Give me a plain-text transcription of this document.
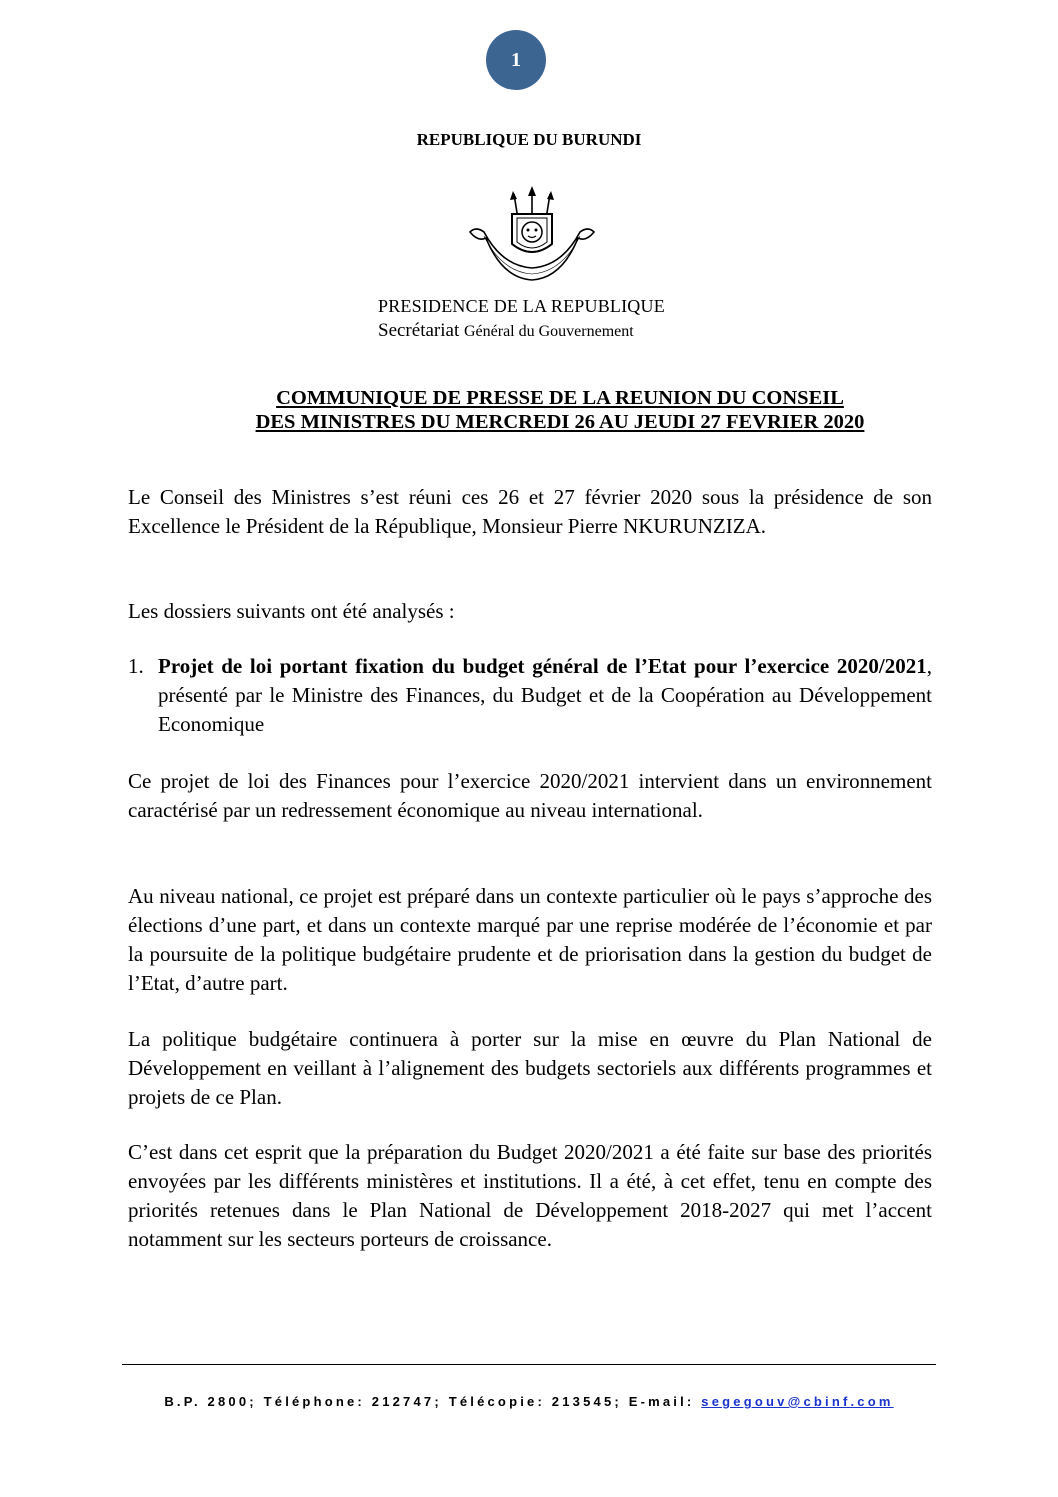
1
REPUBLIQUE DU BURUNDI
PRESIDENCE DE LA REPUBLIQUE
Secrétariat Général du Gouvernement
COMMUNIQUE DE PRESSE DE LA REUNION DU CONSEIL
DES MINISTRES DU MERCREDI 26 AU JEUDI 27 FEVRIER 2020

Le Conseil des Ministres s’est réuni ces 26 et 27 février 2020 sous la présidence de son Excellence le Président de la République, Monsieur Pierre NKURUNZIZA.

Les dossiers suivants ont été analysés :

1. Projet de loi portant fixation du budget général de l’Etat pour l’exercice 2020/2021, présenté par le Ministre des Finances, du Budget et de la Coopération au Développement Economique

Ce projet de loi des Finances pour l’exercice 2020/2021 intervient dans un environnement caractérisé par un redressement économique au niveau international.

Au niveau national, ce projet est préparé dans un contexte particulier où le pays s’approche des élections d’une part, et dans un contexte marqué par une reprise modérée de l’économie et par la poursuite de la politique budgétaire prudente et de priorisation dans la gestion du budget de l’Etat, d’autre part.

La politique budgétaire continuera à porter sur la mise en œuvre du Plan National de Développement en veillant à l’alignement des budgets sectoriels aux différents programmes et projets de ce Plan.

C’est dans cet esprit que la préparation du Budget 2020/2021 a été faite sur base des priorités envoyées par les différents ministères et institutions. Il a été, à cet effet, tenu en compte des priorités retenues dans le Plan National de Développement 2018-2027 qui met l’accent notamment sur les secteurs porteurs de croissance.

B.P. 2800; Téléphone: 212747; Télécopie: 213545; E-mail: segegouv@cbinf.com
